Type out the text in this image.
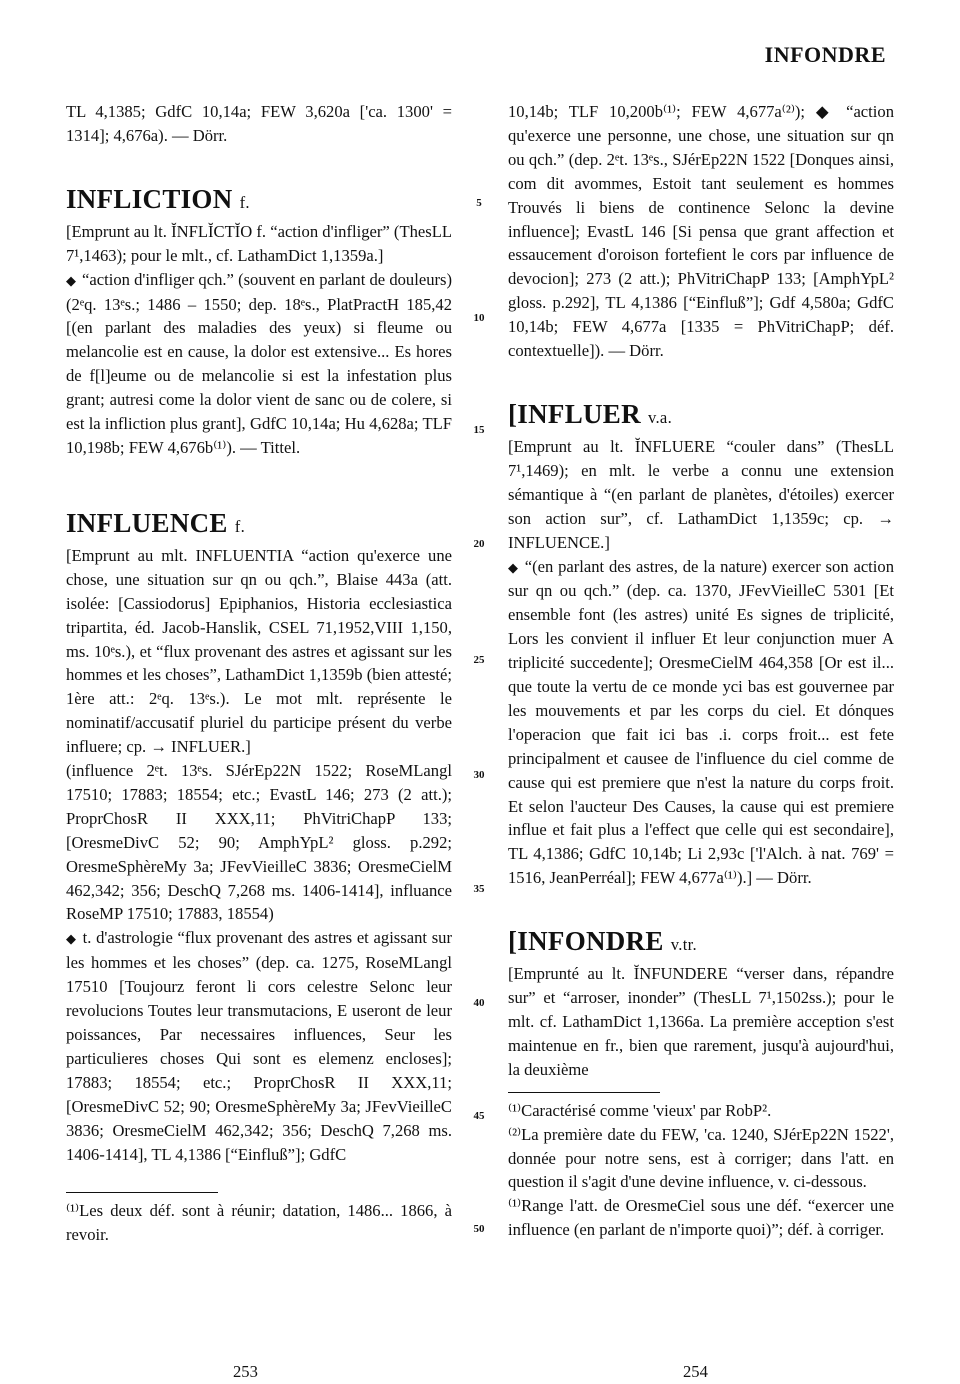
INFONDRE

TL 4,1385; GdfC 10,14a; FEW 3,620a ['ca. 1300' = 1314]; 4,676a). — Dörr.

INFLICTION f.

[Emprunt au lt. ĬNFLĬCTĬO f. “action d'infliger” (ThesLL 7¹,1463); pour le mlt., cf. LathamDict 1,1359a.]

◆ “action d'infliger qch.” (souvent en parlant de douleurs) (2ᵉq. 13ᵉs.; 1486 – 1550; dep. 18ᵉs., PlatPractH 185,42 [(en parlant des maladies des yeux) si fleume ou melancolie est en cause, la dolor est extensive... Es hores de f[l]eume ou de melancolie si est la infestation plus grant; autresi come la dolor vient de sanc ou de colere, si est la infliction plus grant], GdfC 10,14a; Hu 4,628a; TLF 10,198b; FEW 4,676b⁽¹⁾). — Tittel.

INFLUENCE f.

[Emprunt au mlt. INFLUENTIA “action qu'exerce une chose, une situation sur qn ou qch.”, Blaise 443a (att. isolée: [Cassiodorus] Epiphanios, Historia ecclesiastica tripartita, éd. Jacob-Hanslik, CSEL 71,1952,VIII 1,150, ms. 10ᵉs.), et “flux provenant des astres et agissant sur les hommes et les choses”, LathamDict 1,1359b (bien attesté; 1ère att.: 2ᵉq. 13ᵉs.). Le mot mlt. représente le nominatif/accusatif pluriel du participe présent du verbe influere; cp. → INFLUER.]

(influence 2ᵉt. 13ᵉs. SJérEp22N 1522; RoseMLangl 17510; 17883; 18554; etc.; EvastL 146; 273 (2 att.); ProprChosR II XXX,11; PhVitriChapP 133; [OresmeDivC 52; 90; AmphYpL² gloss. p.292; OresmeSphèreMy 3a; JFevVieilleC 3836; OresmeCielM 462,342; 356; DeschQ 7,268 ms. 1406-1414], influance RoseMP 17510; 17883, 18554)

◆ t. d'astrologie “flux provenant des astres et agissant sur les hommes et les choses” (dep. ca. 1275, RoseMLangl 17510 [Toujourz feront li cors celestre Selonc leur revolucions Toutes leur transmutacions, E useront de leur poissances, Par necessaires influences, Seur les particulieres choses Qui sont es elemenz encloses]; 17883; 18554; etc.; ProprChosR II XXX,11; [OresmeDivC 52; 90; OresmeSphèreMy 3a; JFevVieilleC 3836; OresmeCielM 462,342; 356; DeschQ 7,268 ms. 1406-1414], TL 4,1386 [“Einfluß”]; GdfC

⁽¹⁾Les deux déf. sont à réunir; datation, 1486... 1866, à revoir.

10,14b; TLF 10,200b⁽¹⁾; FEW 4,677a⁽²⁾); ◆ “action qu'exerce une personne, une chose, une situation sur qn ou qch.” (dep. 2ᵉt. 13ᵉs., SJérEp22N 1522 [Donques ainsi, com dit avommes, Estoit tant seulement es hommes Trouvés li biens de continence Selonc la devine influence]; EvastL 146 [Si pensa que grant affection et essaucement d'oroison fortefient le cors par influence de devocion]; 273 (2 att.); PhVitriChapP 133; [AmphYpL² gloss. p.292], TL 4,1386 [“Einfluß”]; Gdf 4,580a; GdfC 10,14b; FEW 4,677a [1335 = PhVitriChapP; déf. contextuelle]). — Dörr.

[INFLUER v.a.

[Emprunt au lt. ĬNFLUERE “couler dans” (ThesLL 7¹,1469); en mlt. le verbe a connu une extension sémantique à “(en parlant de planètes, d'étoiles) exercer son action sur”, cf. LathamDict 1,1359c; cp. → INFLUENCE.]

◆ “(en parlant des astres, de la nature) exercer son action sur qn ou qch.” (dep. ca. 1370, JFevVieilleC 5301 [Et ensemble font (les astres) unité Es signes de triplicité, Lors les convient il influer Et leur conjunction muer A triplicité succedente]; OresmeCielM 464,358 [Or est il... que toute la vertu de ce monde yci bas est gouvernee par les mouvements et par les corps du ciel. Et dónques l'operacion que fait ici bas .i. corps froit... est fete principalment et causee de l'influence du ciel comme de cause qui est premiere que n'est la nature du corps froit. Et selon l'aucteur Des Causes, la cause qui est premiere influe et fait plus a l'effect que celle qui est secondaire], TL 4,1386; GdfC 10,14b; Li 2,93c ['l'Alch. à nat. 769' = 1516, JeanPerréal]; FEW 4,677a⁽¹⁾).] — Dörr.

[INFONDRE v.tr.

[Emprunté au lt. ĬNFUNDERE “verser dans, répandre sur” et “arroser, inonder” (ThesLL 7¹,1502ss.); pour le mlt. cf. LathamDict 1,1366a. La première acception s'est maintenue en fr., bien que rarement, jusqu'à aujourd'hui, la deuxième

⁽¹⁾Caractérisé comme 'vieux' par RobP².

⁽²⁾La première date du FEW, 'ca. 1240, SJérEp22N 1522', donnée pour notre sens, est à corriger; dans l'att. en question il s'agit d'une devine influence, v. ci-dessous.

⁽¹⁾Range l'att. de OresmeCiel sous une déf. “exercer une influence (en parlant de n'importe quoi)”; déf. à corriger.

5
10
15
20
25
30
35
40
45
50
253	254
